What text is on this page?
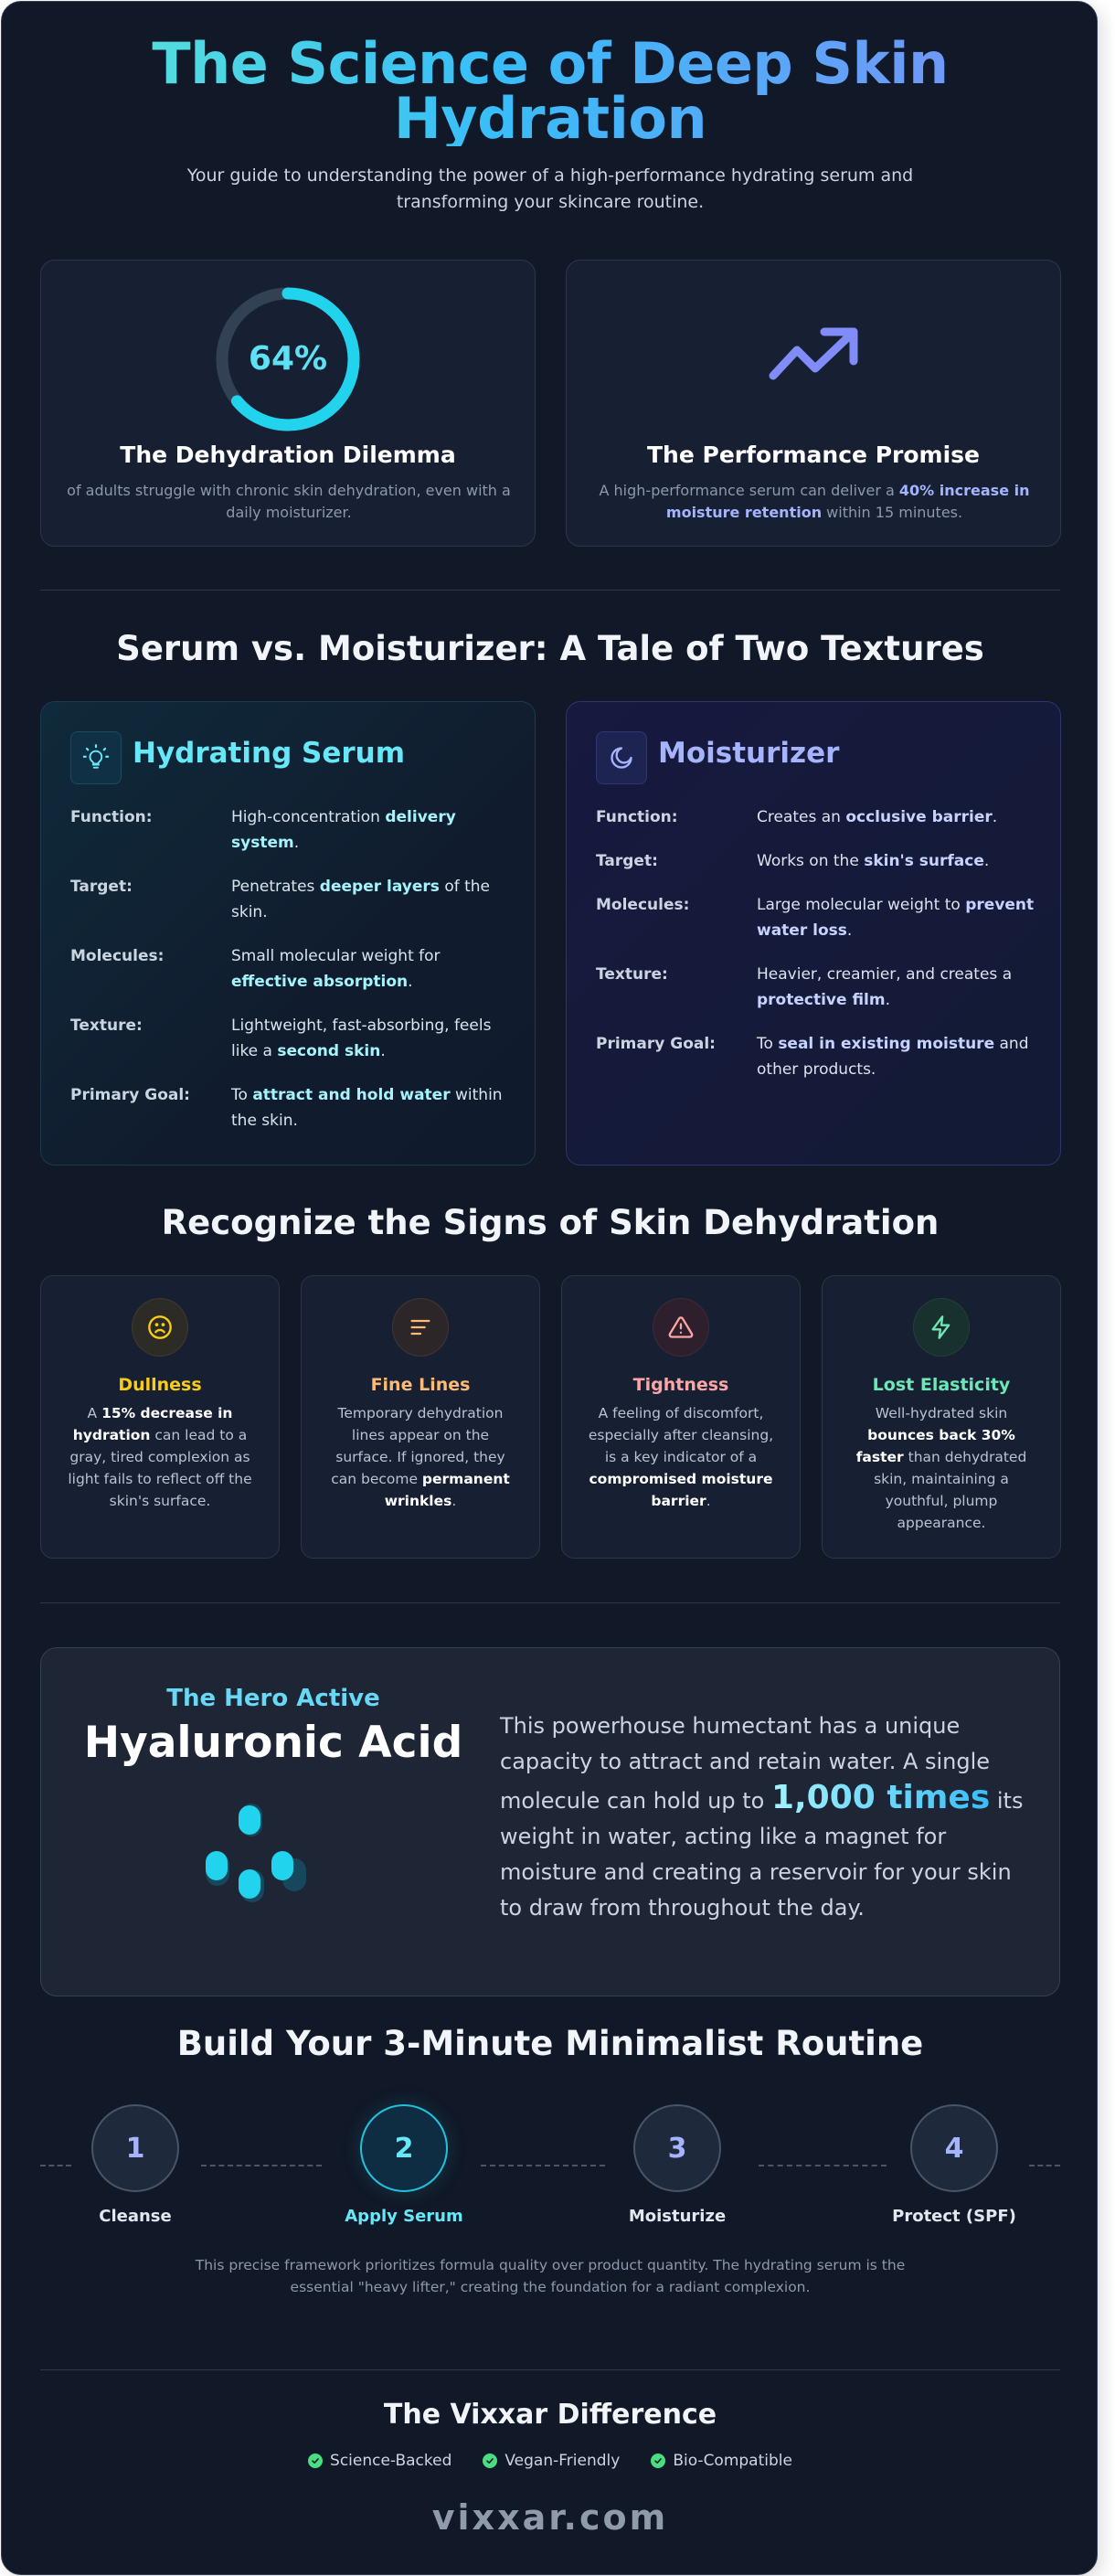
The Science of Deep Skin Hydration

Your guide to understanding the power of a high-performance hydrating serum and transforming your skincare routine.

64%
The Dehydration Dilemma
of adults struggle with chronic skin dehydration, even with a daily moisturizer.
The Performance Promise
A high-performance serum can deliver a 40% increase in moisture retention within 15 minutes.
Serum vs. Moisturizer: A Tale of Two Textures
Hydrating Serum
Function:	High-concentration delivery system.
Target:	Penetrates deeper layers of the skin.
Molecules:	Small molecular weight for effective absorption.
Texture:	Lightweight, fast-absorbing, feels like a second skin.
Primary Goal:	To attract and hold water within the skin.
Moisturizer
Function:	Creates an occlusive barrier.
Target:	Works on the skin's surface.
Molecules:	Large molecular weight to prevent water loss.
Texture:	Heavier, creamier, and creates a protective film.
Primary Goal:	To seal in existing moisture and other products.
Recognize the Signs of Skin Dehydration
Dullness
A 15% decrease in hydration can lead to a gray, tired complexion as light fails to reflect off the skin's surface.
Fine Lines
Temporary dehydration lines appear on the surface. If ignored, they can become permanent wrinkles.
Tightness
A feeling of discomfort, especially after cleansing, is a key indicator of a compromised moisture barrier.
Lost Elasticity
Well-hydrated skin bounces back 30% faster than dehydrated skin, maintaining a youthful, plump appearance.
The Hero Active
Hyaluronic Acid	This powerhouse humectant has a unique capacity to attract and retain water. A single molecule can hold up to 1,000 times its weight in water, acting like a magnet for moisture and creating a reservoir for your skin to draw from throughout the day.
Build Your 3-Minute Minimalist Routine
1
Cleanse
2
Apply Serum
3
Moisturize
4
Protect (SPF)

This precise framework prioritizes formula quality over product quantity. The hydrating serum is the essential "heavy lifter," creating the foundation for a radiant complexion.

The Vixxar Difference
Science-Backed	Vegan-Friendly	Bio-Compatible
vixxar.com
